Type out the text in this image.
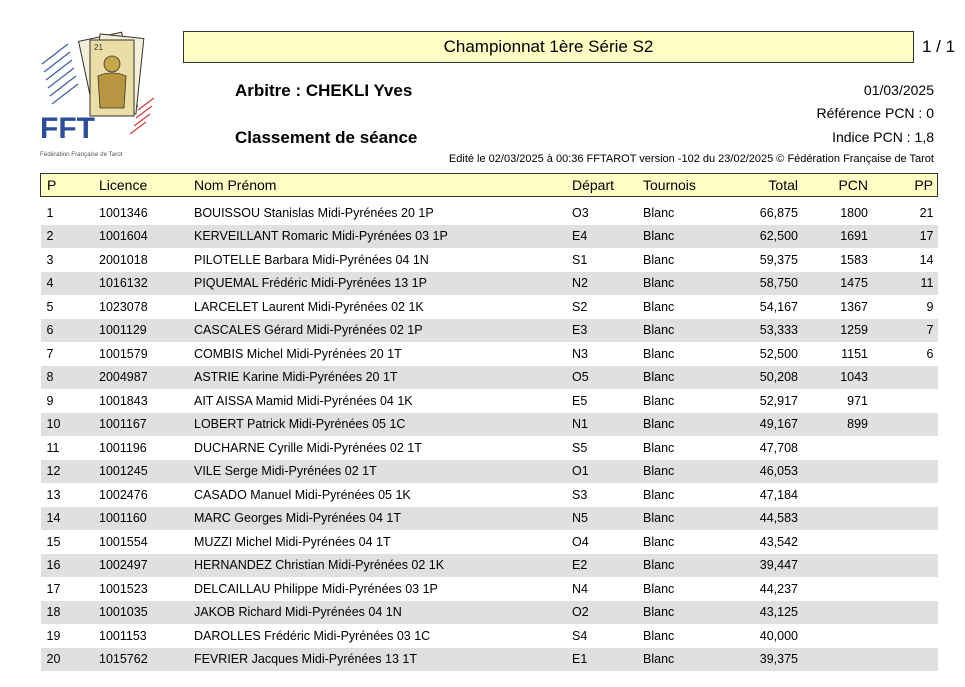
21
FFT
Fédération Française de Tarot
Championnat 1ère Série S2	1 / 1
Arbitre : CHEKLI Yves
Classement de séance
01/03/2025
Référence PCN : 0
Indice PCN : 1,8
Edité le 02/03/2025 à 00:36 FFTAROT version -102 du 23/02/2025 © Fédération Française de Tarot
P	Licence	Nom Prénom	Départ	Tournois	Total	PCN	PP
1	1001346	BOUISSOU Stanislas Midi-Pyrénées 20 1P	O3	Blanc	66,875	1800	21
2	1001604	KERVEILLANT Romaric Midi-Pyrénées 03 1P	E4	Blanc	62,500	1691	17
3	2001018	PILOTELLE Barbara Midi-Pyrénées 04 1N	S1	Blanc	59,375	1583	14
4	1016132	PIQUEMAL Frédéric Midi-Pyrénées 13 1P	N2	Blanc	58,750	1475	11
5	1023078	LARCELET Laurent Midi-Pyrénées 02 1K	S2	Blanc	54,167	1367	9
6	1001129	CASCALES Gérard Midi-Pyrénées 02 1P	E3	Blanc	53,333	1259	7
7	1001579	COMBIS Michel Midi-Pyrénées 20 1T	N3	Blanc	52,500	1151	6
8	2004987	ASTRIE Karine Midi-Pyrénées 20 1T	O5	Blanc	50,208	1043	
9	1001843	AIT AISSA Mamid Midi-Pyrénées 04 1K	E5	Blanc	52,917	971	
10	1001167	LOBERT Patrick Midi-Pyrénées 05 1C	N1	Blanc	49,167	899	
11	1001196	DUCHARNE Cyrille Midi-Pyrénées 02 1T	S5	Blanc	47,708		
12	1001245	VILE Serge Midi-Pyrénées 02 1T	O1	Blanc	46,053		
13	1002476	CASADO Manuel Midi-Pyrénées 05 1K	S3	Blanc	47,184		
14	1001160	MARC Georges Midi-Pyrénées 04 1T	N5	Blanc	44,583		
15	1001554	MUZZI Michel Midi-Pyrénées 04 1T	O4	Blanc	43,542		
16	1002497	HERNANDEZ Christian Midi-Pyrénées 02 1K	E2	Blanc	39,447		
17	1001523	DELCAILLAU Philippe Midi-Pyrénées 03 1P	N4	Blanc	44,237		
18	1001035	JAKOB Richard Midi-Pyrénées 04 1N	O2	Blanc	43,125		
19	1001153	DAROLLES Frédéric Midi-Pyrénées 03 1C	S4	Blanc	40,000		
20	1015762	FEVRIER Jacques Midi-Pyrénées 13 1T	E1	Blanc	39,375		
